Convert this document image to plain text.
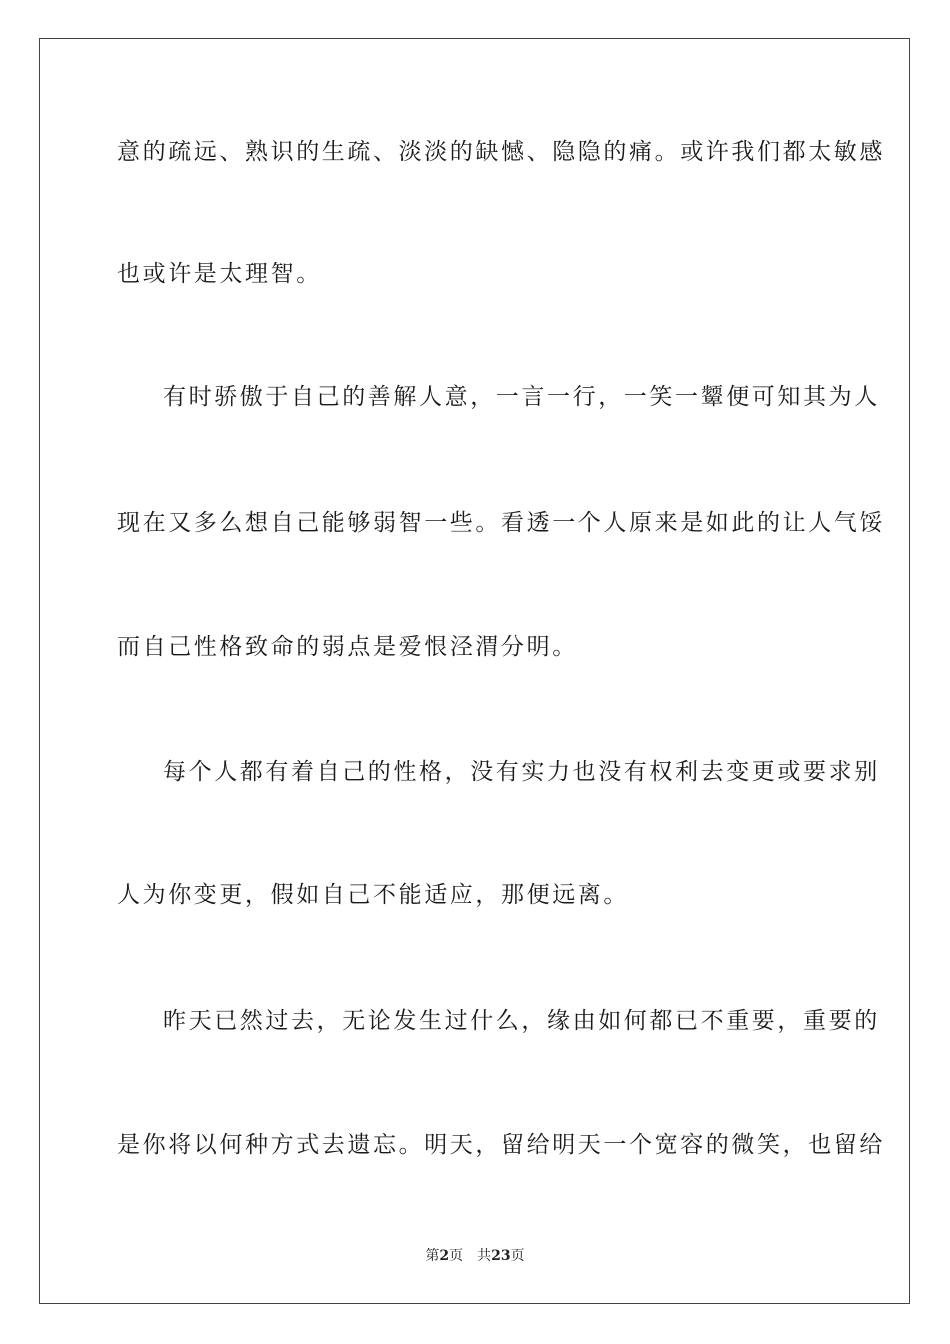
意的疏远、熟识的生疏、淡淡的缺憾、隐隐的痛。或许我们都太敏感
也或许是太理智。
有时骄傲于自己的善解人意，一言一行，一笑一颦便可知其为人
现在又多么想自己能够弱智一些。看透一个人原来是如此的让人气馁
而自己性格致命的弱点是爱恨泾渭分明。
每个人都有着自己的性格，没有实力也没有权利去变更或要求别
人为你变更，假如自己不能适应，那便远离。
昨天已然过去，无论发生过什么，缘由如何都已不重要，重要的
是你将以何种方式去遗忘。明天，留给明天一个宽容的微笑，也留给
第2页 共23页
